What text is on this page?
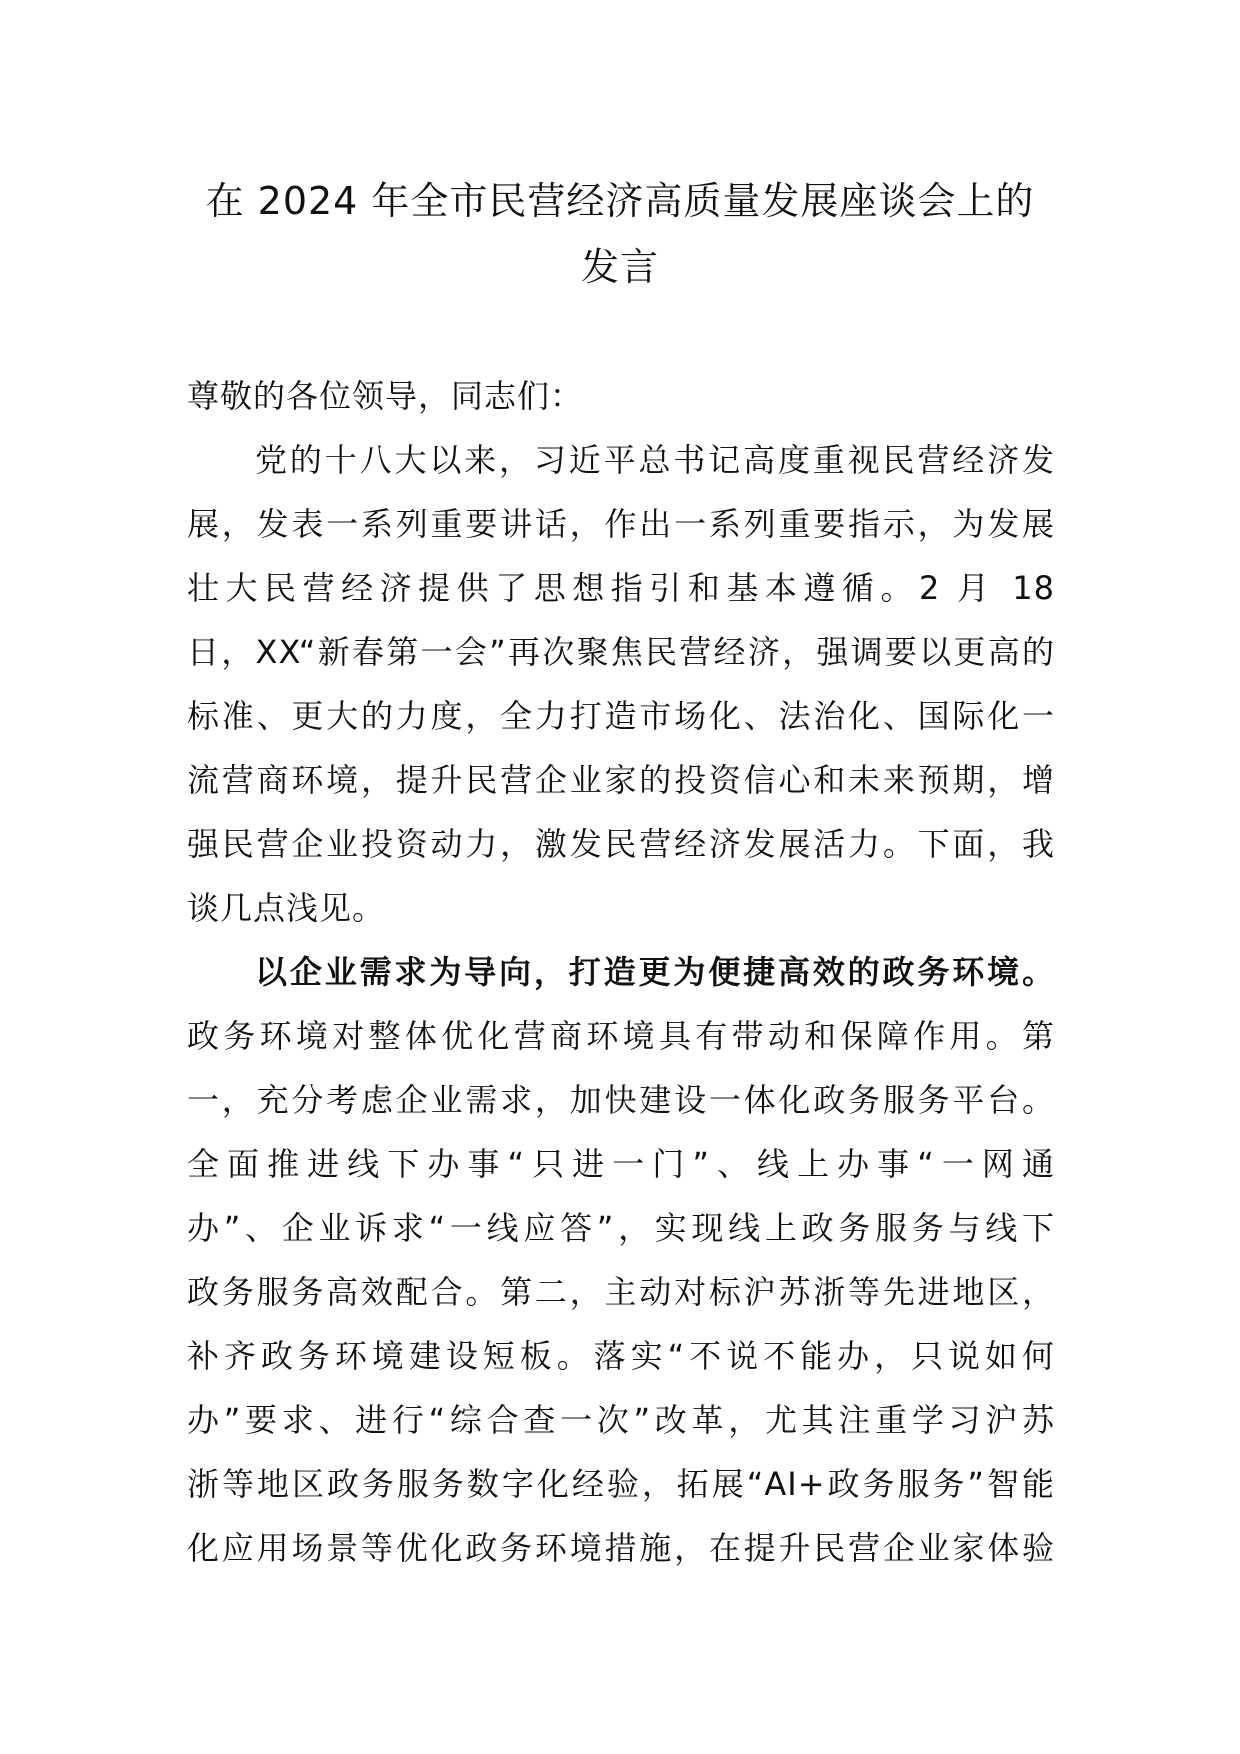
在 2024 年全市民营经济高质量发展座谈会上的
发言
尊敬的各位领导，同志们：
党的十八大以来，习近平总书记高度重视民营经济发
展，发表一系列重要讲话，作出一系列重要指示，为发展
壮大民营经济提供了思想指引和基本遵循。2 月 18
日，XX“新春第一会”再次聚焦民营经济，强调要以更高的
标准、更大的力度，全力打造市场化、法治化、国际化一
流营商环境，提升民营企业家的投资信心和未来预期，增
强民营企业投资动力，激发民营经济发展活力。下面，我
谈几点浅见。
以企业需求为导向，打造更为便捷高效的政务环境。
政务环境对整体优化营商环境具有带动和保障作用。第
一，充分考虑企业需求，加快建设一体化政务服务平台。
全面推进线下办事“只进一门”、线上办事“一网通
办”、企业诉求“一线应答”，实现线上政务服务与线下
政务服务高效配合。第二，主动对标沪苏浙等先进地区，
补齐政务环境建设短板。落实“不说不能办，只说如何
办”要求、进行“综合查一次”改革，尤其注重学习沪苏
浙等地区政务服务数字化经验，拓展“AI+政务服务”智能
化应用场景等优化政务环境措施，在提升民营企业家体验
